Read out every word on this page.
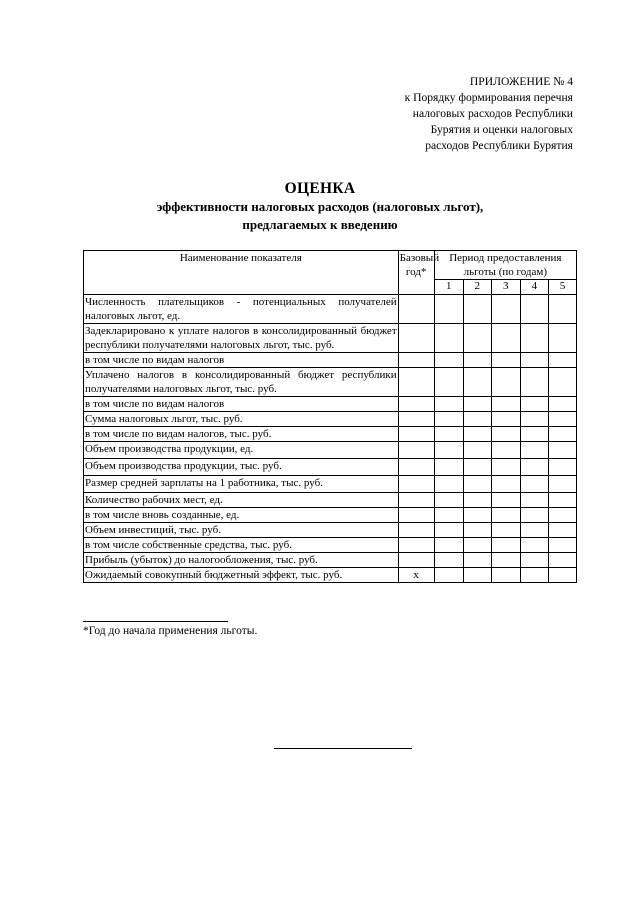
ПРИЛОЖЕНИЕ № 4
к Порядку формирования перечня
налоговых расходов Республики
Бурятия и оценки налоговых
расходов Республики Бурятия
ОЦЕНКА
эффективности налоговых расходов (налоговых льгот),
предлагаемых к введению
Наименование показателя	Базовый год*	Период предоставления льготы (по годам)				
		1	2	3	4	5
Численность плательщиков - потенциальных получателей налоговых льгот, ед.						
Задекларировано к уплате налогов в консолидированный бюджет республики получателями налоговых льгот, тыс. руб.						
в том числе по видам налогов						
Уплачено налогов в консолидированный бюджет республики получателями налоговых льгот, тыс. руб.						
в том числе по видам налогов						
Сумма налоговых льгот, тыс. руб.						
в том числе по видам налогов, тыс. руб.						
Объем производства продукции, ед.						
Объем производства продукции, тыс. руб.						
Размер средней зарплаты на 1 работника, тыс. руб.						
Количество рабочих мест, ед.						
в том числе вновь созданные, ед.						
Объем инвестиций, тыс. руб.						
в том числе собственные средства, тыс. руб.						
Прибыль (убыток) до налогообложения, тыс. руб.						
Ожидаемый совокупный бюджетный эффект, тыс. руб.	х					
*Год до начала применения льготы.
